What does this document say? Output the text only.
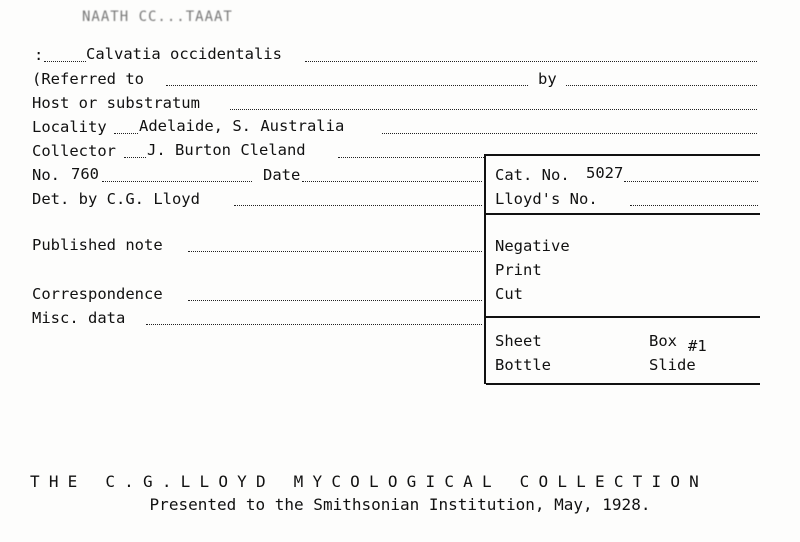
NAATH CC...TAAAT
:	Calvatia occidentalis
(Referred to	by
Host or substratum
Locality Adelaide, S. Australia
Collector J. Burton Cleland
No. 760	Date	Cat. No. 5027
Det. by C.G. Lloyd	Lloyd's No.
Published note	Negative
Print
Correspondence	Cut
Misc. data
Sheet	Box #1
Bottle	Slide
THE C.G.LLOYD MYCOLOGICAL COLLECTION
Presented to the Smithsonian Institution, May, 1928.
